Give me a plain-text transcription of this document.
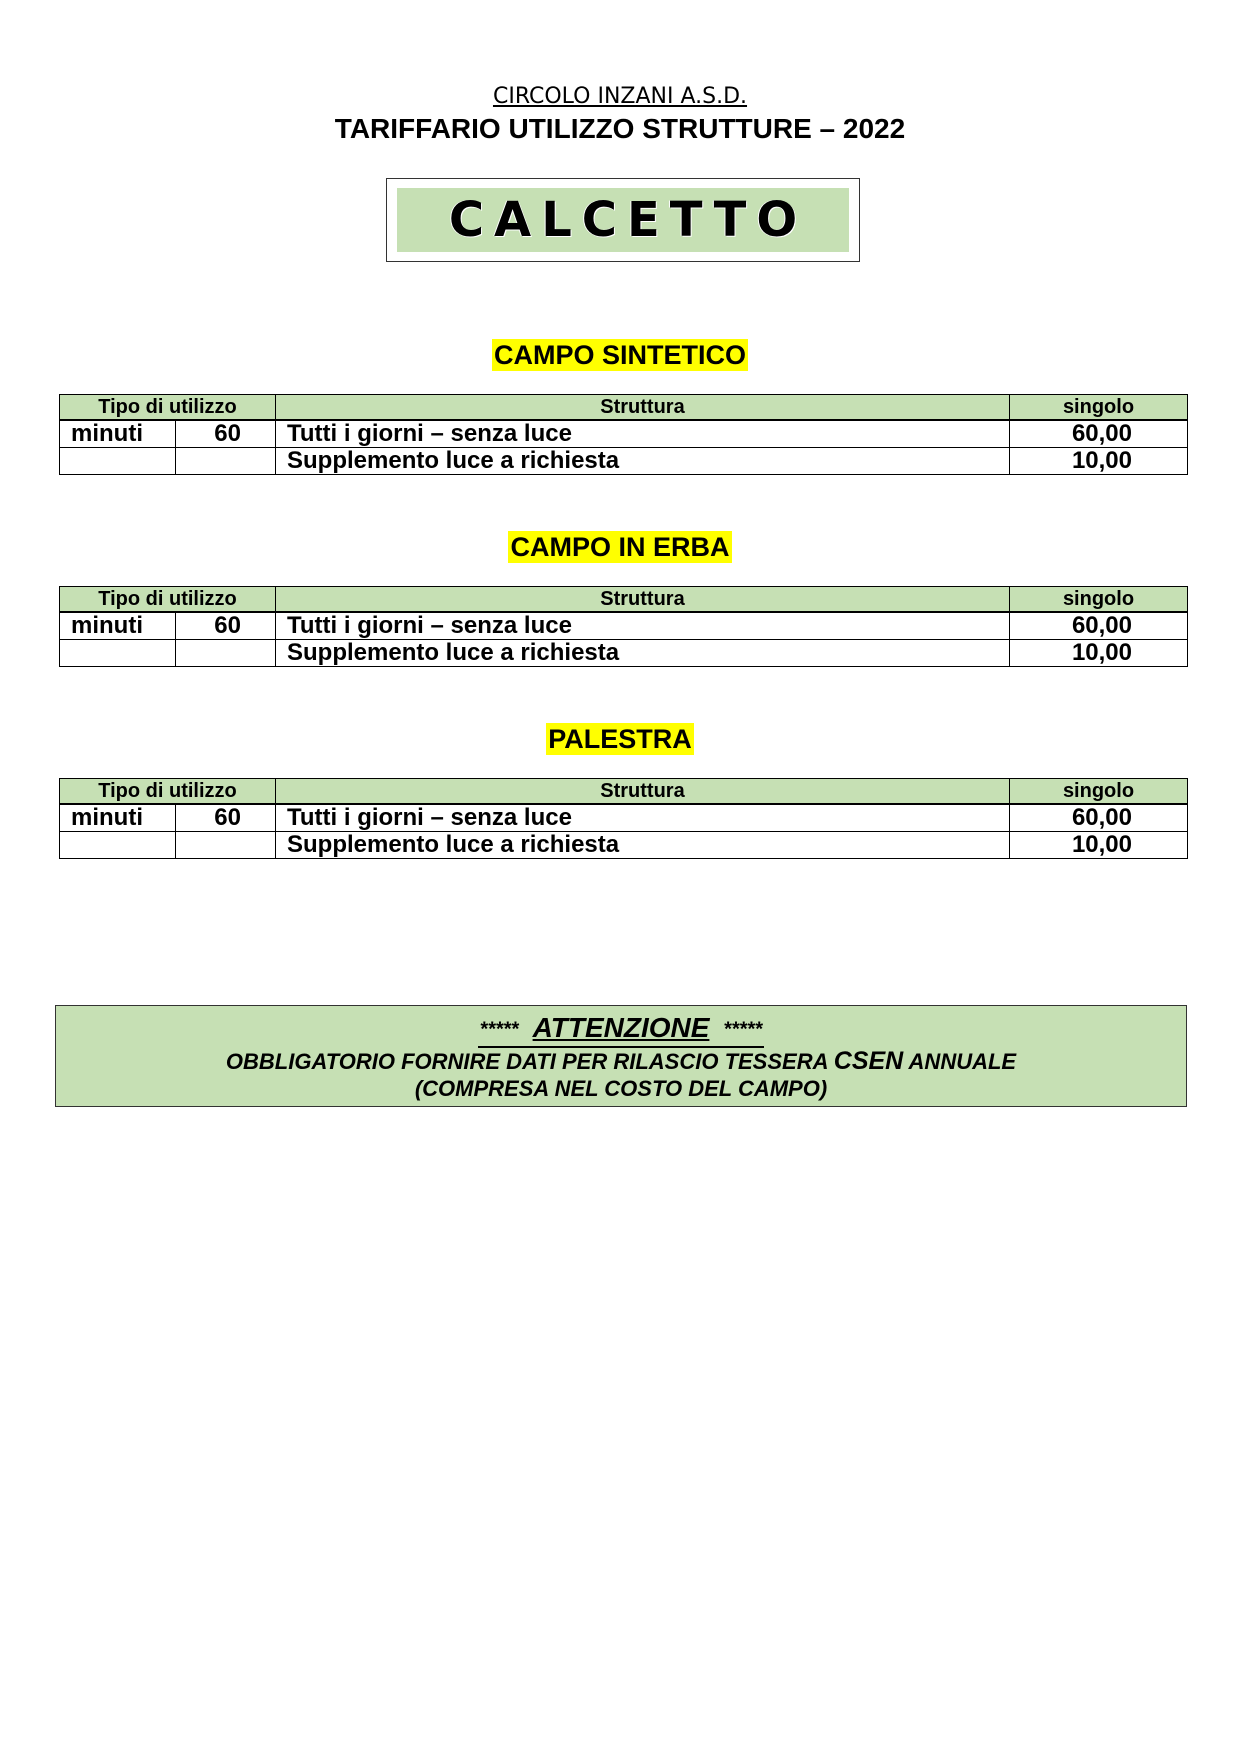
CIRCOLO INZANI A.S.D.
TARIFFARIO UTILIZZO STRUTTURE – 2022
CALCETTO
CAMPO SINTETICO
Tipo di utilizzo		Struttura	singolo
minuti	60	Tutti i giorni – senza luce	60,00
		Supplemento luce a richiesta	10,00
CAMPO IN ERBA
Tipo di utilizzo		Struttura	singolo
minuti	60	Tutti i giorni – senza luce	60,00
		Supplemento luce a richiesta	10,00
PALESTRA
Tipo di utilizzo		Struttura	singolo
minuti	60	Tutti i giorni – senza luce	60,00
		Supplemento luce a richiesta	10,00
***** ATTENZIONE *****
OBBLIGATORIO FORNIRE DATI PER RILASCIO TESSERA CSEN ANNUALE
(COMPRESA NEL COSTO DEL CAMPO)
